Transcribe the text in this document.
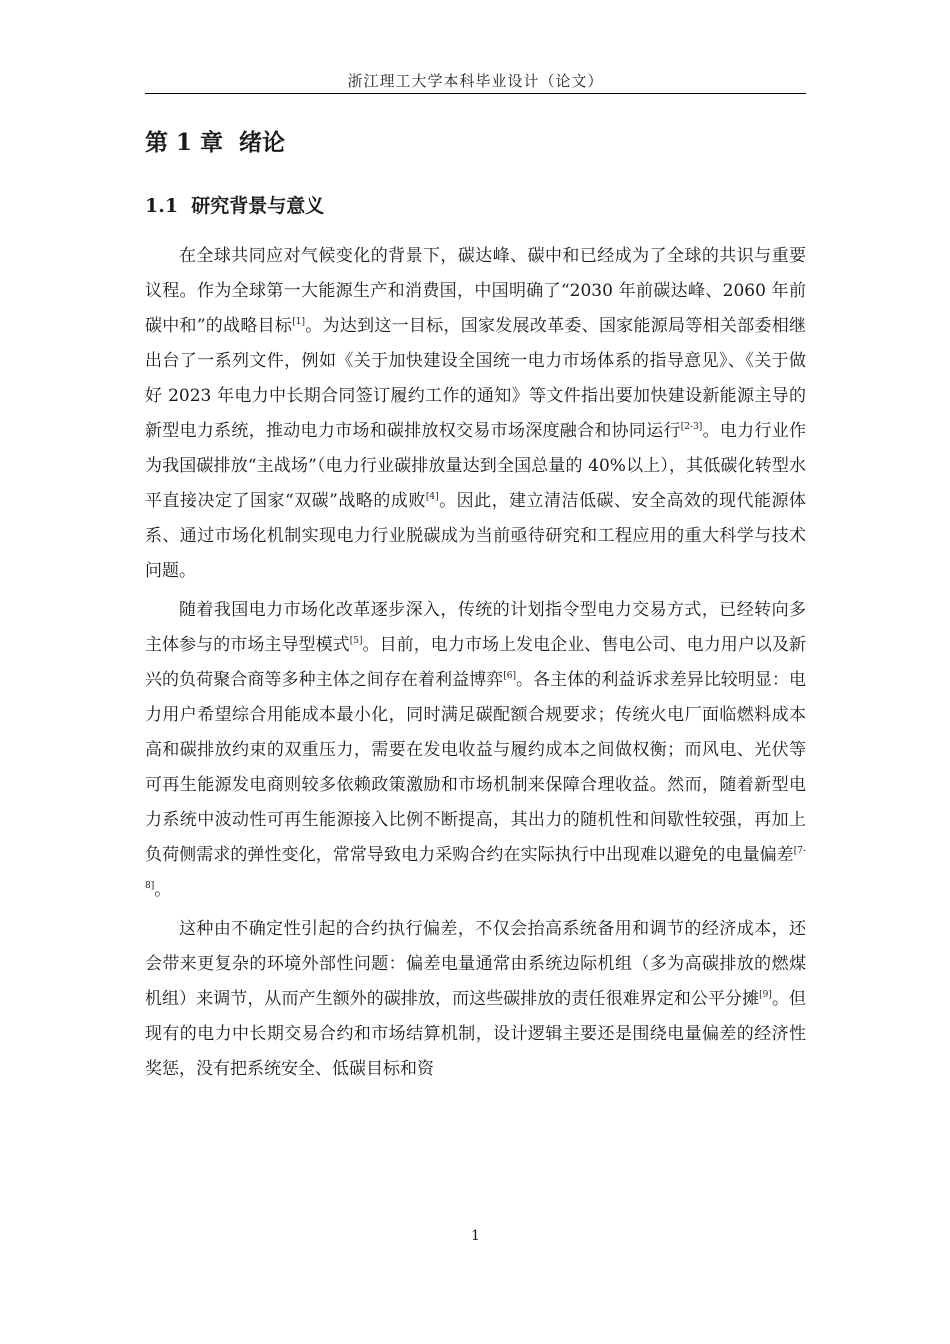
浙江理工大学本科毕业设计（论文）
第 1 章  绪论
1.1  研究背景与意义

在全球共同应对气候变化的背景下，碳达峰、碳中和已经成为了全球的共识与重要议程。作为全球第一大能源生产和消费国，中国明确了“2030 年前碳达峰、2060 年前碳中和”的战略目标[1]。为达到这一目标，国家发展改革委、国家能源局等相关部委相继出台了一系列文件，例如《关于加快建设全国统一电力市场体系的指导意见》、《关于做好 2023 年电力中长期合同签订履约工作的通知》等文件指出要加快建设新能源主导的新型电力系统，推动电力市场和碳排放权交易市场深度融合和协同运行[2-3]。电力行业作为我国碳排放“主战场”（电力行业碳排放量达到全国总量的 40%以上），其低碳化转型水平直接决定了国家“双碳”战略的成败[4]。因此，建立清洁低碳、安全高效的现代能源体系、通过市场化机制实现电力行业脱碳成为当前亟待研究和工程应用的重大科学与技术问题。

随着我国电力市场化改革逐步深入，传统的计划指令型电力交易方式，已经转向多主体参与的市场主导型模式[5]。目前，电力市场上发电企业、售电公司、电力用户以及新兴的负荷聚合商等多种主体之间存在着利益博弈[6]。各主体的利益诉求差异比较明显：电力用户希望综合用能成本最小化，同时满足碳配额合规要求；传统火电厂面临燃料成本高和碳排放约束的双重压力，需要在发电收益与履约成本之间做权衡；而风电、光伏等可再生能源发电商则较多依赖政策激励和市场机制来保障合理收益。然而，随着新型电力系统中波动性可再生能源接入比例不断提高，其出力的随机性和间歇性较强，再加上负荷侧需求的弹性变化，常常导致电力采购合约在实际执行中出现难以避免的电量偏差[7-8]。

这种由不确定性引起的合约执行偏差，不仅会抬高系统备用和调节的经济成本，还会带来更复杂的环境外部性问题：偏差电量通常由系统边际机组（多为高碳排放的燃煤机组）来调节，从而产生额外的碳排放，而这些碳排放的责任很难界定和公平分摊[9]。但现有的电力中长期交易合约和市场结算机制，设计逻辑主要还是围绕电量偏差的经济性奖惩，没有把系统安全、低碳目标和资

1
